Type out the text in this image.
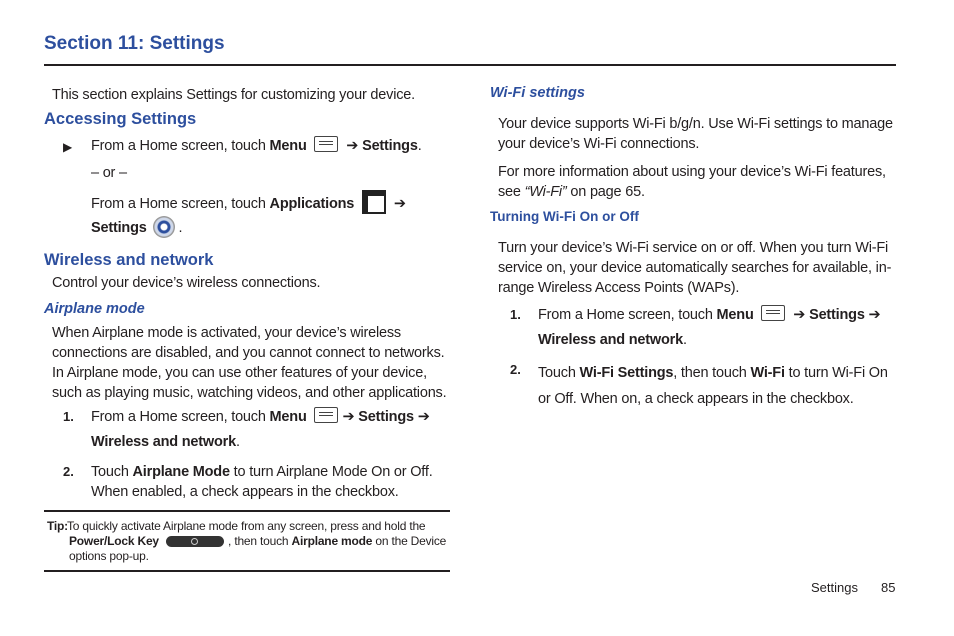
Section 11: Settings
This section explains Settings for customizing your device.
Accessing Settings
▶ From a Home screen, touch Menu	➔ Settings.
– or –
From a Home screen, touch Applications	➔
Settings .
Wireless and network
Control your device’s wireless connections.
Airplane mode
When Airplane mode is activated, your device’s wireless connections are disabled, and you cannot connect to networks. In Airplane mode, you can use other features of your device, such as playing music, watching videos, and other applications.
1. From a Home screen, touch Menu ➔ Settings ➔
Wireless and network.
2. Touch Airplane Mode to turn Airplane Mode On or Off. When enabled, a check appears in the checkbox.
Tip: To quickly activate Airplane mode from any screen, press and hold the Power/Lock Key	, then touch Airplane mode on the Device options pop-up.
Wi-Fi settings
Your device supports Wi-Fi b/g/n. Use Wi-Fi settings to manage your device’s Wi-Fi connections.
For more information about using your device’s Wi-Fi features, see “Wi-Fi” on page 65.
Turning Wi-Fi On or Off
Turn your device’s Wi-Fi service on or off. When you turn Wi-Fi service on, your device automatically searches for available, in-range Wireless Access Points (WAPs).
1. From a Home screen, touch Menu	➔ Settings ➔
Wireless and network.
2. Touch Wi-Fi Settings, then touch Wi-Fi to turn Wi-Fi On or Off. When on, a check appears in the checkbox.
Settings 85
